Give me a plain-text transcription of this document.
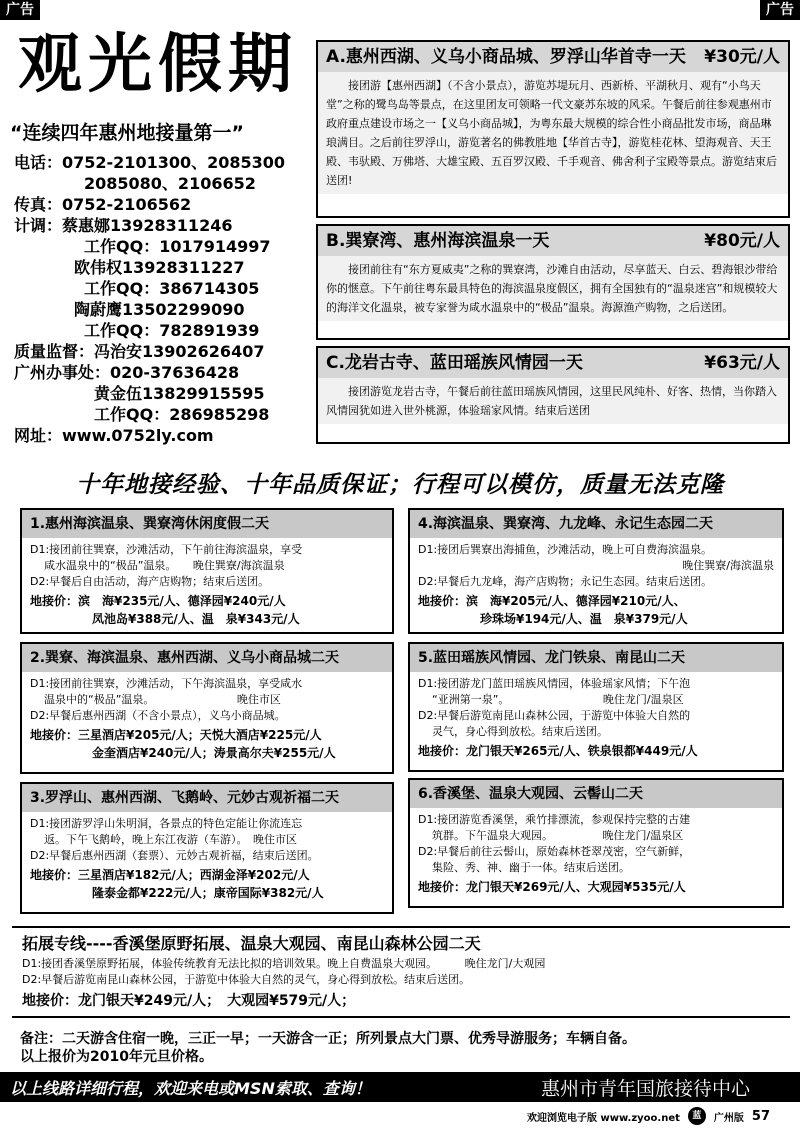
广告	广告
观光假期
“连续四年惠州地接量第一”
电话：0752-2101300、2085300
2085080、2106652
传真：0752-2106562
计调：蔡惠娜13928311246
工作QQ：1017914997
欧伟权13928311227
工作QQ：386714305
陶蔚鹰13502299090
工作QQ：782891939
质量监督：冯治安13902626407
广州办事处：020-37636428
黄金伍13829915595
工作QQ：286985298
网址：www.0752ly.com
A.惠州西湖、义乌小商品城、罗浮山华首寺一天 ¥30元/人
接团游【惠州西湖】（不含小景点），游览苏堤玩月、西新桥、平湖秋月、观有“小鸟天堂”之称的鹭鸟岛等景点，在这里团友可领略一代文豪苏东坡的风采。午餐后前往参观惠州市政府重点建设市场之一【义乌小商品城】，为粤东最大规模的综合性小商品批发市场，商品琳琅满目。之后前往罗浮山，游览著名的佛教胜地【华首古寺】，游览桂花林、望海观音、天王殿、韦驮殿、万佛塔、大雄宝殿、五百罗汉殿、千手观音、佛舍利子宝殿等景点。游览结束后送团!
B.巽寮湾、惠州海滨温泉一天	¥80元/人
接团前往有“东方夏威夷”之称的巽寮湾，沙滩自由活动，尽享蓝天、白云、碧海银沙带给你的惬意。下午前往粤东最具特色的海滨温泉度假区，拥有全国独有的“温泉迷宫”和规模较大的海洋文化温泉，被专家誉为咸水温泉中的“极品”温泉。海源渔产购物，之后送团。
C.龙岩古寺、蓝田瑶族风情园一天	¥63元/人
接团游览龙岩古寺，午餐后前往蓝田瑶族风情园，这里民风纯朴、好客、热情，当你踏入风情园犹如进入世外桃源，体验瑶家风情。结束后送团
十年地接经验、十年品质保证；行程可以模仿，质量无法克隆
1.惠州海滨温泉、巽寮湾休闲度假二天
D1:接团前往巽寮，沙滩活动，下午前往海滨温泉，享受
咸水温泉中的“极品”温泉。　　晚住巽寮/海滨温泉
D2:早餐后自由活动，海产店购物；结束后送团。
地接价：滨　海¥235元/人、德泽园¥240元/人
凤池岛¥388元/人、温　泉¥343元/人
2.巽寮、海滨温泉、惠州西湖、义乌小商品城二天
D1:接团前往巽寮，沙滩活动，下午海滨温泉，享受咸水
温泉中的“极品”温泉。　　　　　　　　晚住市区
D2:早餐后惠州西湖（不含小景点），义乌小商品城。
地接价：三星酒店¥205元/人；天悦大酒店¥225元/人
金奎酒店¥240元/人；涛景高尔夫¥255元/人
3.罗浮山、惠州西湖、飞鹅岭、元妙古观祈福二天
D1:接团游罗浮山朱明洞，各景点的特色定能让你流连忘
返。下午飞鹅岭，晚上东江夜游（车游）。　晚住市区
D2:早餐后惠州西湖（套票）、元妙古观祈福，结束后送团。
地接价：三星酒店¥182元/人；西湖金泽¥202元/人
隆泰金都¥222元/人；康帝国际¥382元/人
4.海滨温泉、巽寮湾、九龙峰、永记生态园二天
D1:接团后巽寮出海捕鱼，沙滩活动，晚上可自费海滨温泉。
晚住巽寮/海滨温泉
D2:早餐后九龙峰，海产店购物；永记生态园。结束后送团。
地接价：滨　海¥205元/人、德泽园¥210元/人、
珍珠场¥194元/人、温　泉¥379元/人
5.蓝田瑶族风情园、龙门铁泉、南昆山二天
D1:接团游龙门蓝田瑶族风情园，体验瑶家风情；下午泡
“亚洲第一泉”。　　　　　　　　　晚住龙门/温泉区
D2:早餐后游览南昆山森林公园，于游览中体验大自然的
灵气，身心得到放松。结束后送团。
地接价：龙门银天¥265元/人、铁泉银都¥449元/人
6.香溪堡、温泉大观园、云髻山二天
D1:接团游览香溪堡，乘竹排漂流，参观保持完整的古建
筑群。下午温泉大观园。　　　　　晚住龙门/温泉区
D2:早餐后前往云髻山，原始森林苍翠茂密，空气新鲜，
集险、秀、神、幽于一体。结束后送团。
地接价：龙门银天¥269元/人、大观园¥535元/人
拓展专线----香溪堡原野拓展、温泉大观园、南昆山森林公园二天
D1:接团香溪堡原野拓展，体验传统教育无法比拟的培训效果。晚上自费温泉大观园。　　　晚住龙门/大观园
D2:早餐后游览南昆山森林公园，于游览中体验大自然的灵气，身心得到放松。结束后送团。
地接价：龙门银天¥249元/人；　大观园¥579元/人；
备注：二天游含住宿一晚，三正一早；一天游含一正；所列景点大门票、优秀导游服务；车辆自备。
以上报价为2010年元旦价格。
以上线路详细行程，欢迎来电或MSN索取、查询！	惠州市青年国旅接待中心
欢迎浏览电子版 www.zyoo.net	蓝	广州版 57
